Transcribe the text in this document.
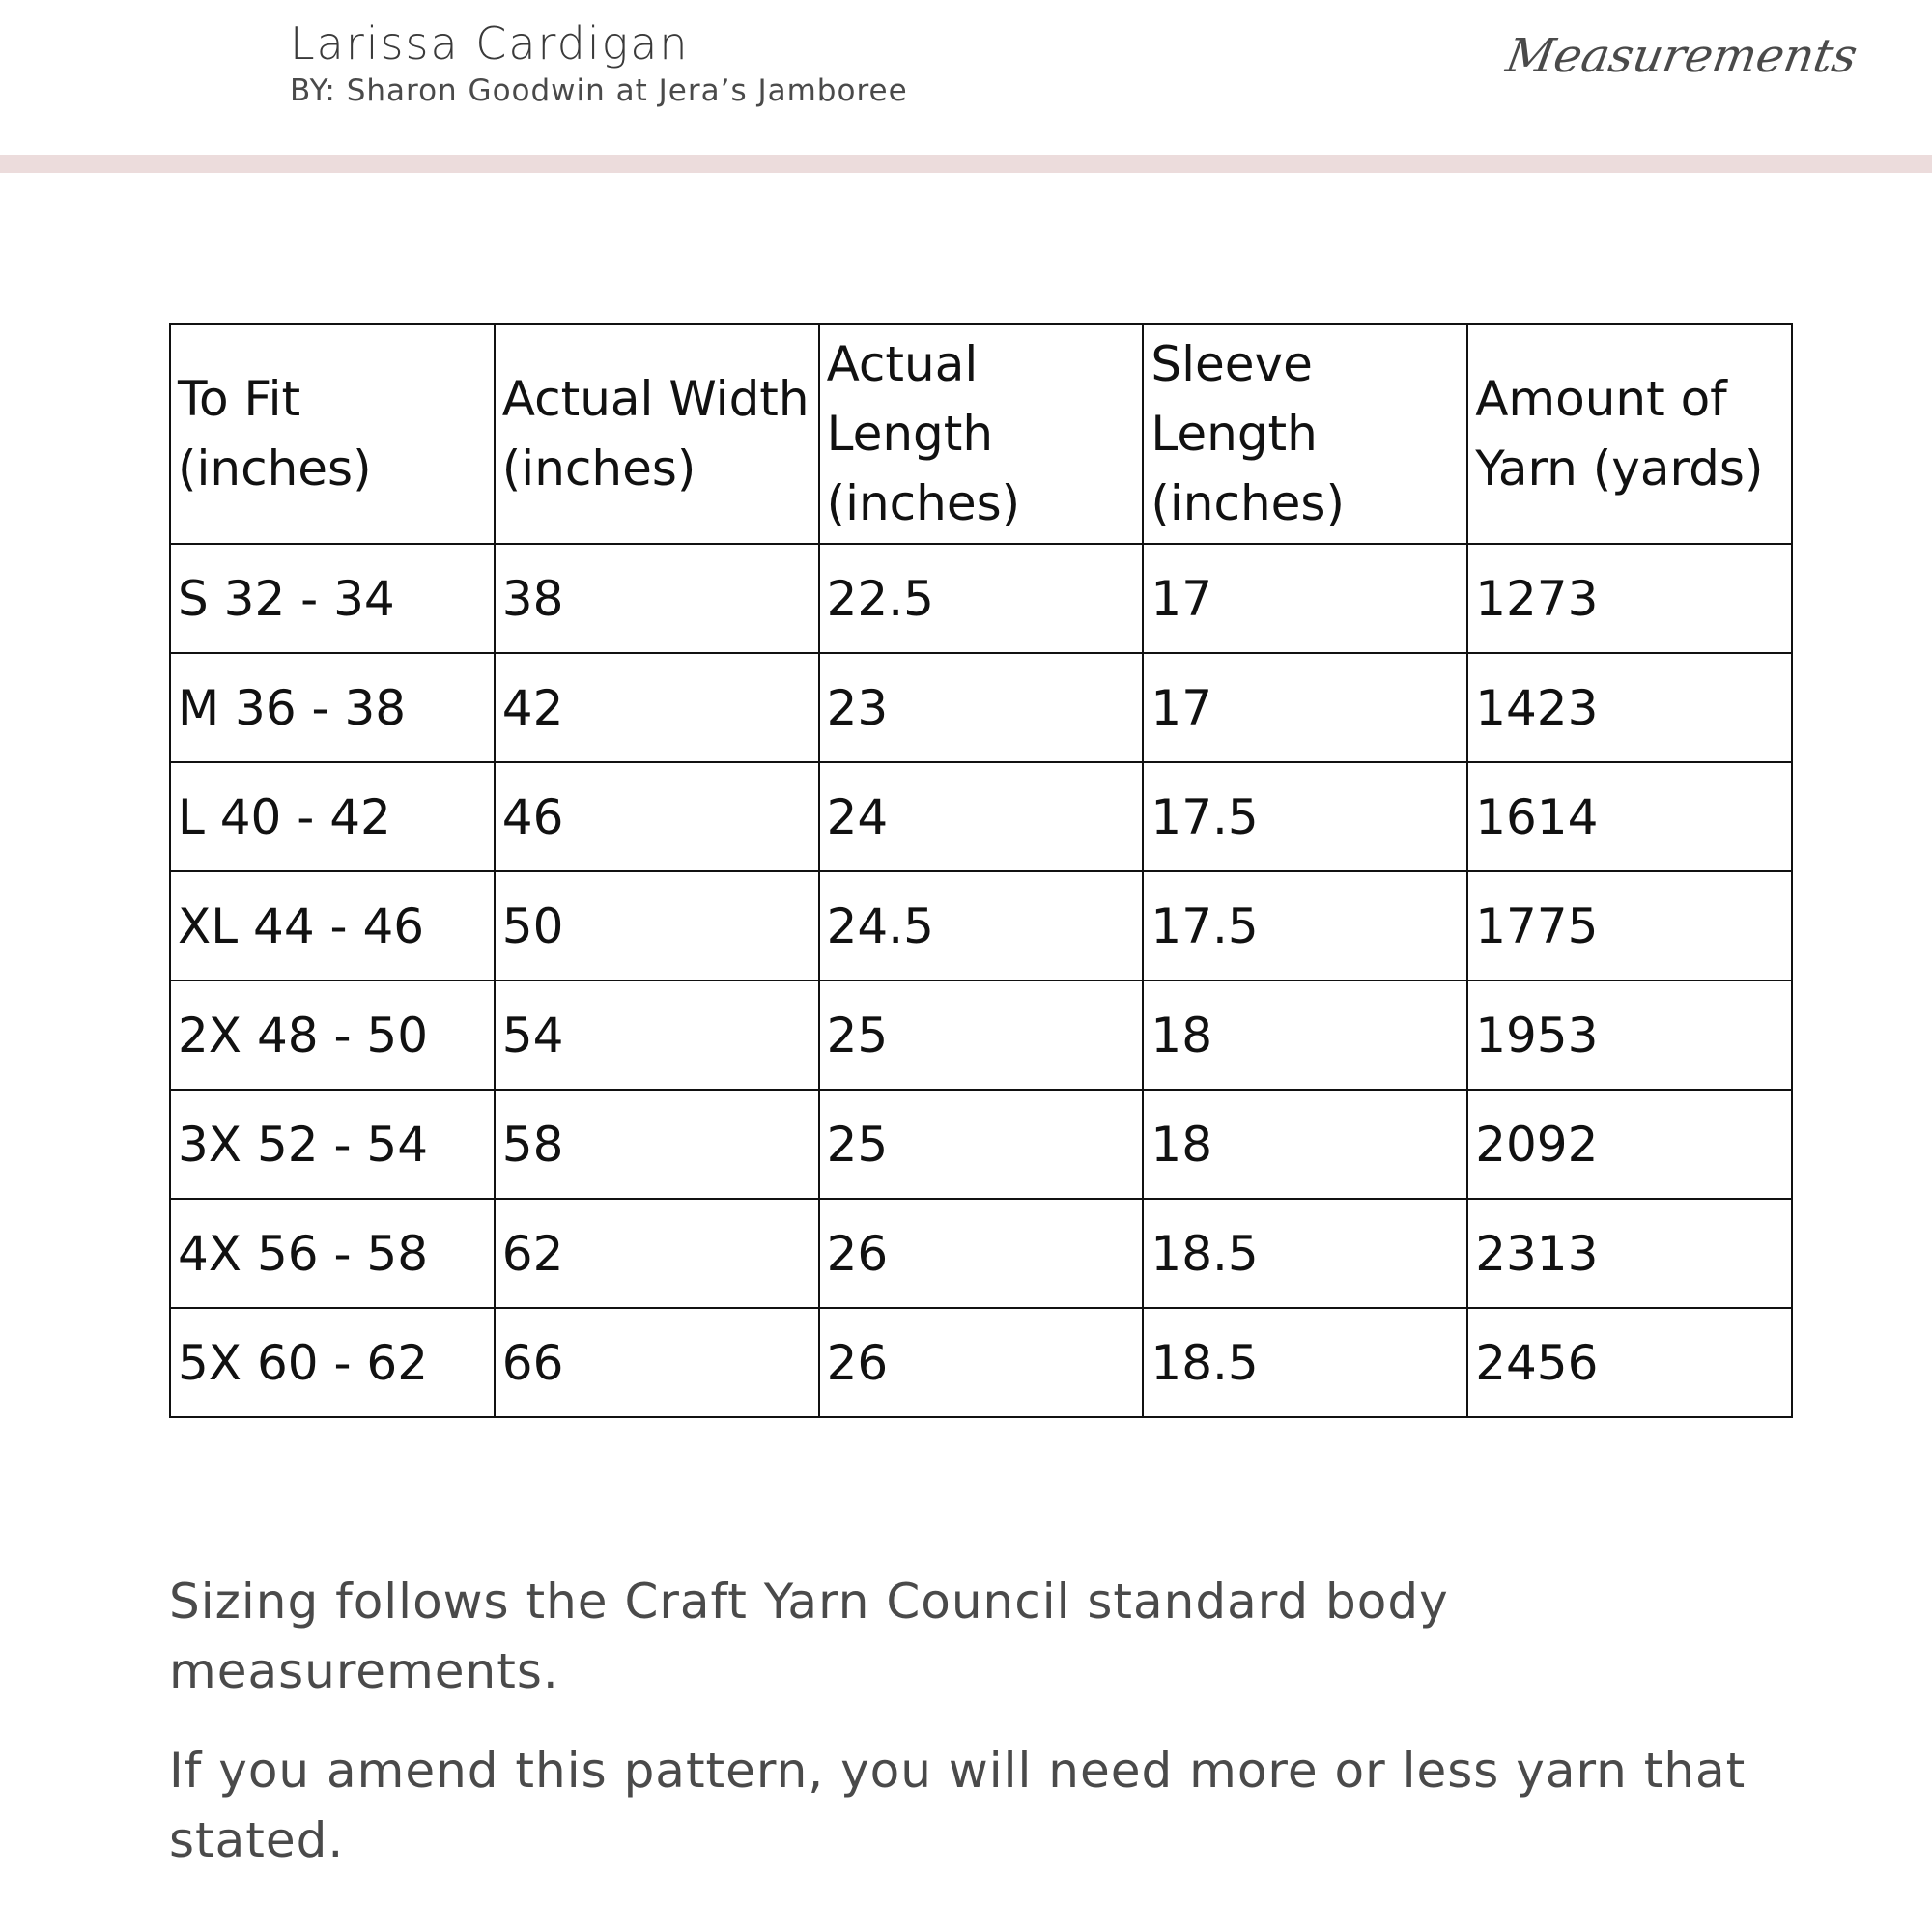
Larissa Cardigan
BY: Sharon Goodwin at Jera’s Jamboree
Measurements
To Fit (inches)	Actual Width (inches)	Actual Length (inches)	Sleeve Length (inches)	Amount of Yarn (yards)
S 32 - 34	38	22.5	17	1273
M 36 - 38	42	23	17	1423
L 40 - 42	46	24	17.5	1614
XL 44 - 46	50	24.5	17.5	1775
2X 48 - 50	54	25	18	1953
3X 52 - 54	58	25	18	2092
4X 56 - 58	62	26	18.5	2313
5X 60 - 62	66	26	18.5	2456

Sizing follows the Craft Yarn Council standard body measurements.

If you amend this pattern, you will need more or less yarn that stated.
